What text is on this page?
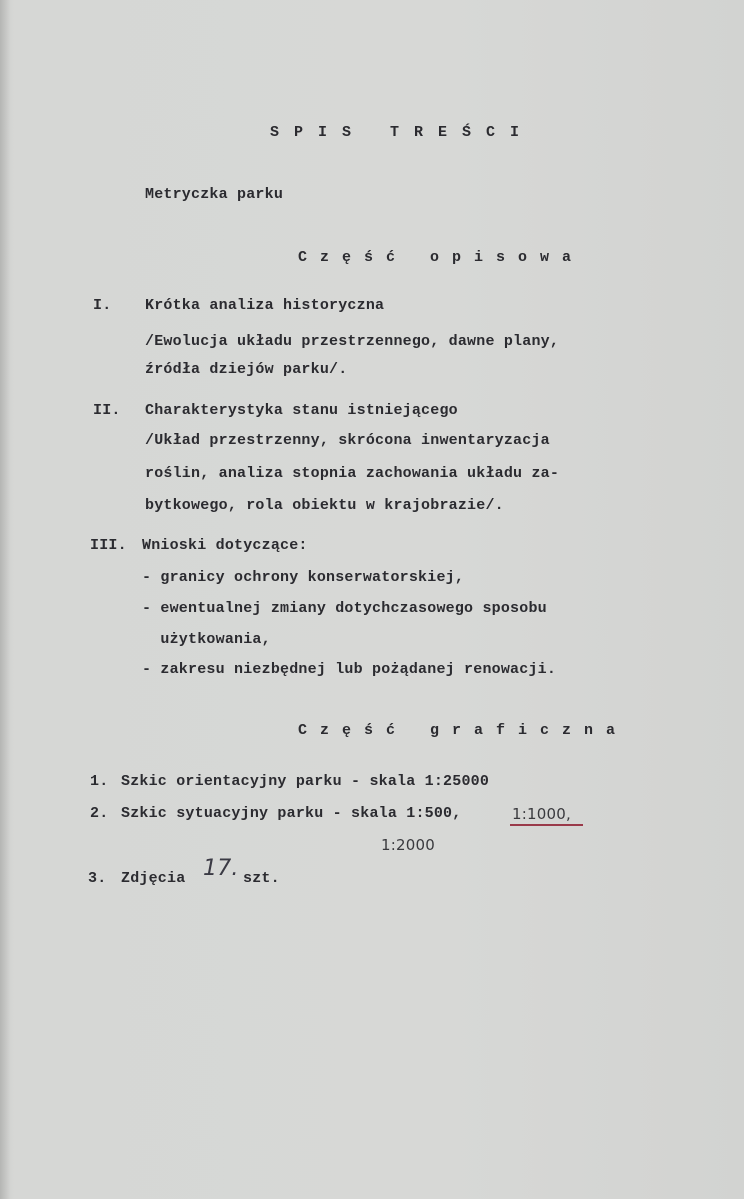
S P I S   T R E Ś C I
Metryczka parku
C z ę ś ć   o p i s o w a
I. Krótka analiza historyczna
/Ewolucja układu przestrzennego, dawne plany,
źródła dziejów parku/.
II. Charakterystyka stanu istniejącego
/Układ przestrzenny, skrócona inwentaryzacja
roślin, analiza stopnia zachowania układu za-
bytkowego, rola obiektu w krajobrazie/.
III. Wnioski dotyczące:
- granicy ochrony konserwatorskiej,
- ewentualnej zmiany dotychczasowego sposobu
użytkowania,
- zakresu niezbędnej lub pożądanej renowacji.
C z ę ś ć   g r a f i c z n a
1. Szkic orientacyjny parku - skala 1:25000
2. Szkic sytuacyjny parku - skala 1:500,	1:1000,
1:2000
3. Zdjęcia 17. szt.
